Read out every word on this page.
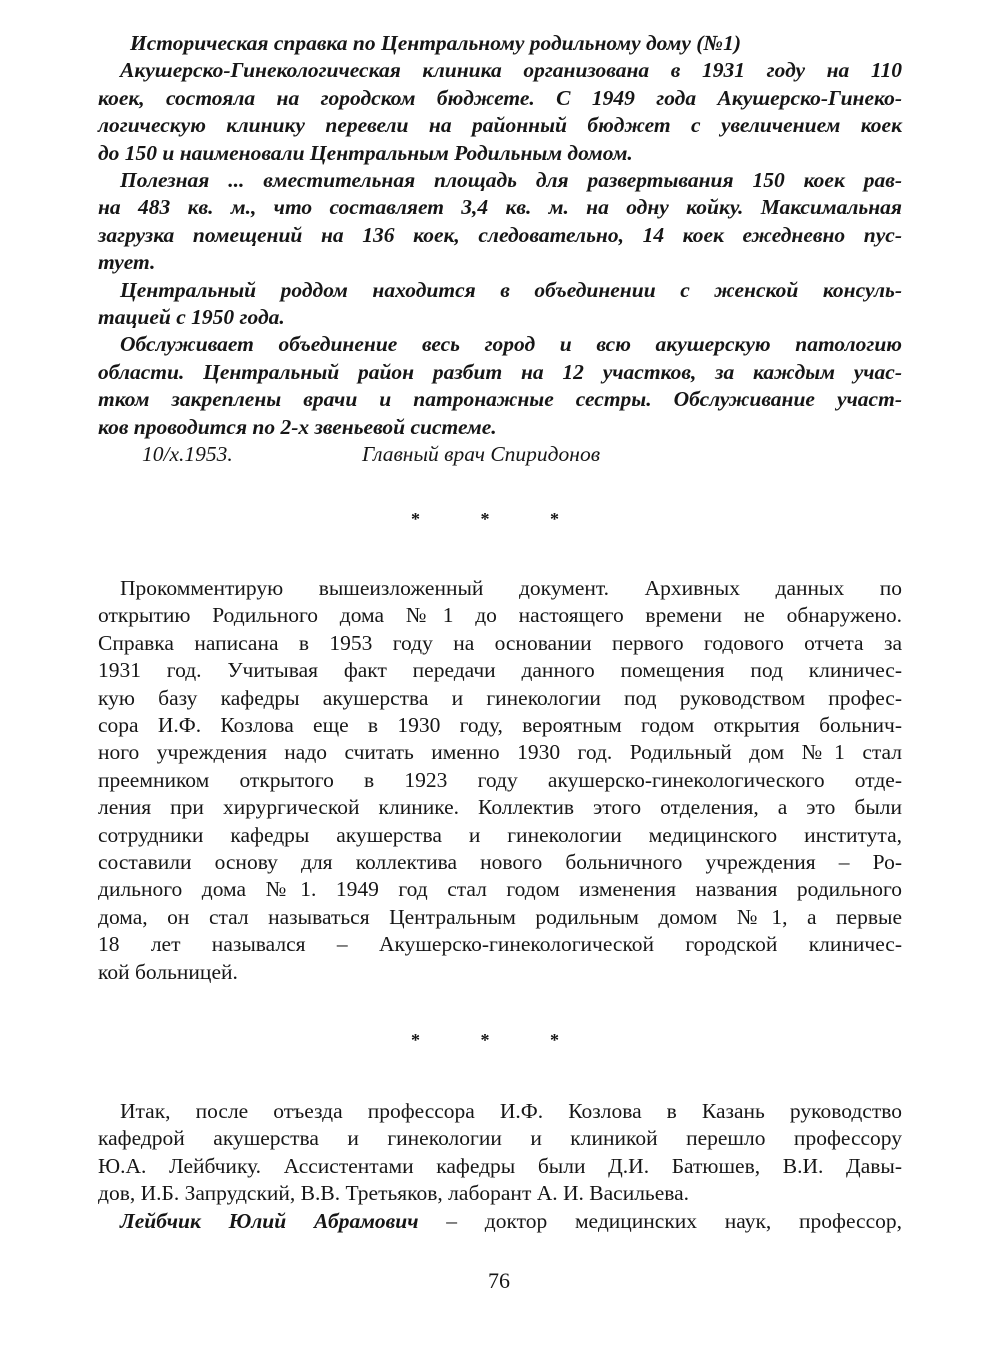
Историческая справка по Центральному родильному дому (№1)
Акушерско-Гинекологическая клиника организована в 1931 году на 110
коек, состояла на городском бюджете. С 1949 года Акушерско-Гинеко-
логическую клинику перевели на районный бюджет с увеличением коек
до 150 и наименовали Центральным Родильным домом.
Полезная ... вместительная площадь для развертывания 150 коек рав-
на 483 кв. м., что составляет 3,4 кв. м. на одну койку. Максимальная
загрузка помещений на 136 коек, следовательно, 14 коек ежедневно пус-
тует.
Центральный роддом находится в объединении с женской консуль-
тацией с 1950 года.
Обслуживает объединение весь город и всю акушерскую патологию
области. Центральный район разбит на 12 участков, за каждым учас-
тком закреплены врачи и патронажные сестры. Обслуживание участ-
ков проводится по 2-х звеньевой системе.
10/x.1953.	Главный врач Спиридонов
* * *
Прокомментирую вышеизложенный документ. Архивных данных по
открытию Родильного дома №1 до настоящего времени не обнаружено.
Справка написана в 1953 году на основании первого годового отчета за
1931 год. Учитывая факт передачи данного помещения под клиничес-
кую базу кафедры акушерства и гинекологии под руководством профес-
сора И.Ф. Козлова еще в 1930 году, вероятным годом открытия больнич-
ного учреждения надо считать именно 1930 год. Родильный дом №1 стал
преемником открытого в 1923 году акушерско-гинекологического отде-
ления при хирургической клинике. Коллектив этого отделения, а это были
сотрудники кафедры акушерства и гинекологии медицинского института,
составили основу для коллектива нового больничного учреждения – Ро-
дильного дома №1. 1949 год стал годом изменения названия родильного
дома, он стал называться Центральным родильным домом №1, а первые
18 лет назывался – Акушерско-гинекологической городской клиничес-
кой больницей.
* * *
Итак, после отъезда профессора И.Ф. Козлова в Казань руководство
кафедрой акушерства и гинекологии и клиникой перешло профессору
Ю.А. Лейбчику. Ассистентами кафедры были Д.И. Батюшев, В.И. Давы-
дов, И.Б. Запрудский, В.В. Третьяков, лаборант А. И. Васильева.
Лейбчик Юлий Абрамович – доктор медицинских наук, профессор,
76
